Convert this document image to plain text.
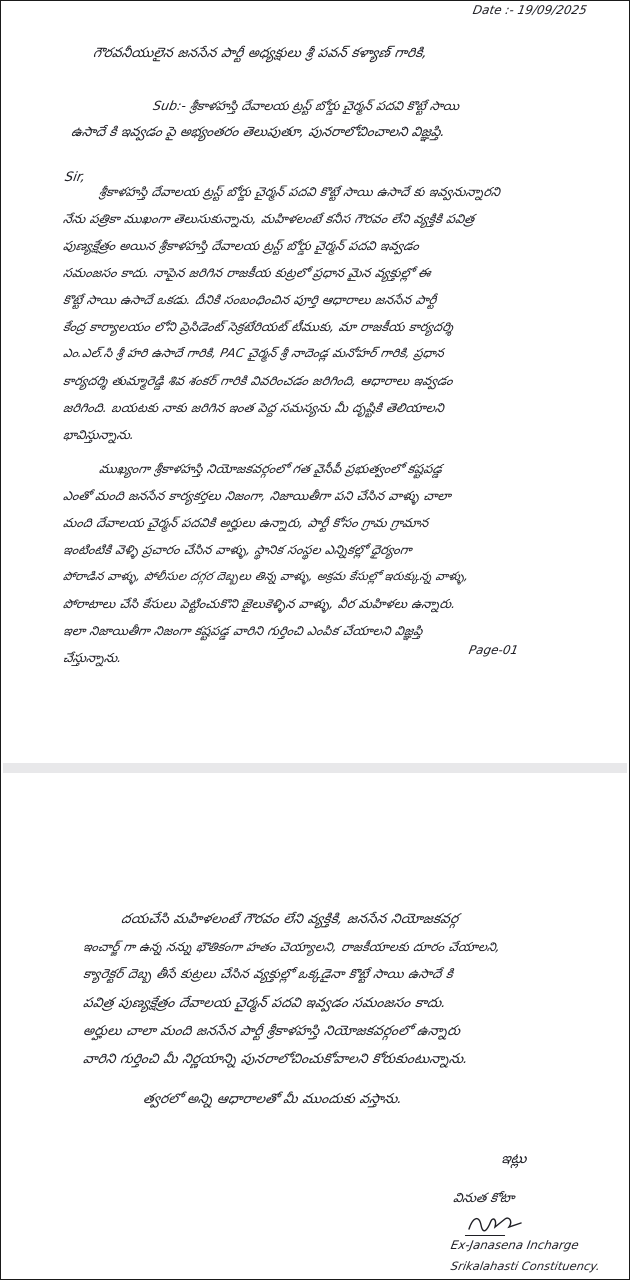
Date :- 19/09/2025

గౌరవనీయులైన జనసేన పార్టీ అధ్యక్షులు శ్రీ పవన్ కళ్యాణ్ గారికి,

Sub:- శ్రీకాళహస్తి దేవాలయ ట్రస్ట్ బోర్డు చైర్మన్ పదవి కొట్టే సాయి

ఉసాదే కి ఇవ్వడం పై అభ్యంతరం తెలుపుతూ, పునరాలోచించాలని విజ్ఞప్తి.

Sir,

శ్రీకాళహస్తి దేవాలయ ట్రస్ట్ బోర్డు చైర్మన్ పదవి కొట్టే సాయి ఉసాదే కు ఇవ్వనున్నారని

నేను పత్రికా ముఖంగా తెలుసుకున్నాను, మహిళలంటే కనీస గౌరవం లేని వ్యక్తికి పవిత్ర

పుణ్యక్షేత్రం అయిన శ్రీకాళహస్తి దేవాలయ ట్రస్ట్ బోర్డు చైర్మన్ పదవి ఇవ్వడం

సమంజసం కాదు. నాపైన జరిగిన రాజకీయ కుట్రలో ప్రధాన మైన వ్యక్తుల్లో ఈ

కొట్టే సాయి ఉసాదే ఒకడు. దీనికి సంబంధించిన పూర్తి ఆధారాలు జనసేన పార్టీ

కేంద్ర కార్యాలయం లోని ప్రెసిడెంట్ సెక్రటేరియట్ టీముకు, మా రాజకీయ కార్యదర్శి

ఎం.ఎల్.సి శ్రీ హరి ఉసాదే గారికి, PAC చైర్మన్ శ్రీ నాదెండ్ల మనోహర్ గారికి, ప్రధాన

కార్యదర్శి తుమ్మారెడ్డి శివ శంకర్ గారికి వివరించడం జరిగింది, ఆధారాలు ఇవ్వడం

జరిగింది. బయటకు నాకు జరిగిన ఇంత పెద్ద సమస్యను మీ దృష్టికి తెలియాలని

భావిస్తున్నాను.

ముఖ్యంగా శ్రీకాళహస్తి నియోజకవర్గంలో గత వైసీపీ ప్రభుత్వంలో కష్టపడ్డ

ఎంతో మంది జనసేన కార్యకర్తలు నిజంగా, నిజాయితీగా పని చేసిన వాళ్ళు చాలా

మంది దేవాలయ చైర్మన్ పదవికి అర్హులు ఉన్నారు, పార్టీ కోసం గ్రామ గ్రామాన

ఇంటింటికి వెళ్ళి ప్రచారం చేసిన వాళ్ళు, స్థానిక సంస్థల ఎన్నికల్లో ధైర్యంగా

పోరాడిన వాళ్ళు, పోలీసుల దగ్గర దెబ్బలు తిన్న వాళ్ళు, అక్రమ కేసుల్లో ఇరుక్కున్న వాళ్ళు,

పోరాటాలు చేసి కేసులు పెట్టించుకొని జైలుకెళ్ళిన వాళ్ళు, వీర మహిళలు ఉన్నారు.

ఇలా నిజాయితీగా నిజంగా కష్టపడ్డ వారిని గుర్తించి ఎంపిక చేయాలని విజ్ఞప్తి

చేస్తున్నాను.	Page-01

దయచేసి మహిళలంటే గౌరవం లేని వ్యక్తికి, జనసేన నియోజకవర్గ

ఇంచార్జ్ గా ఉన్న నన్ను భౌతికంగా హతం చెయ్యాలని, రాజకీయాలకు దూరం చేయాలని,

క్యారెక్టర్ దెబ్బ తీసే కుట్రలు చేసిన వ్యక్తుల్లో ఒక్కడైనా కొట్టే సాయి ఉసాదే కి

పవిత్ర పుణ్యక్షేత్రం దేవాలయ చైర్మన్ పదవి ఇవ్వడం సమంజసం కాదు.

అర్హులు చాలా మంది జనసేన పార్టీ శ్రీకాళహస్తి నియోజకవర్గంలో ఉన్నారు

వారిని గుర్తించి మీ నిర్ణయాన్ని పునరాలోచించుకోవాలని కోరుకుంటున్నాను.

త్వరలో అన్ని ఆధారాలతో మీ ముందుకు వస్తాను.

ఇట్లు

వినుత కోటా

Ex-Janasena Incharge

Srikalahasti Constituency.
